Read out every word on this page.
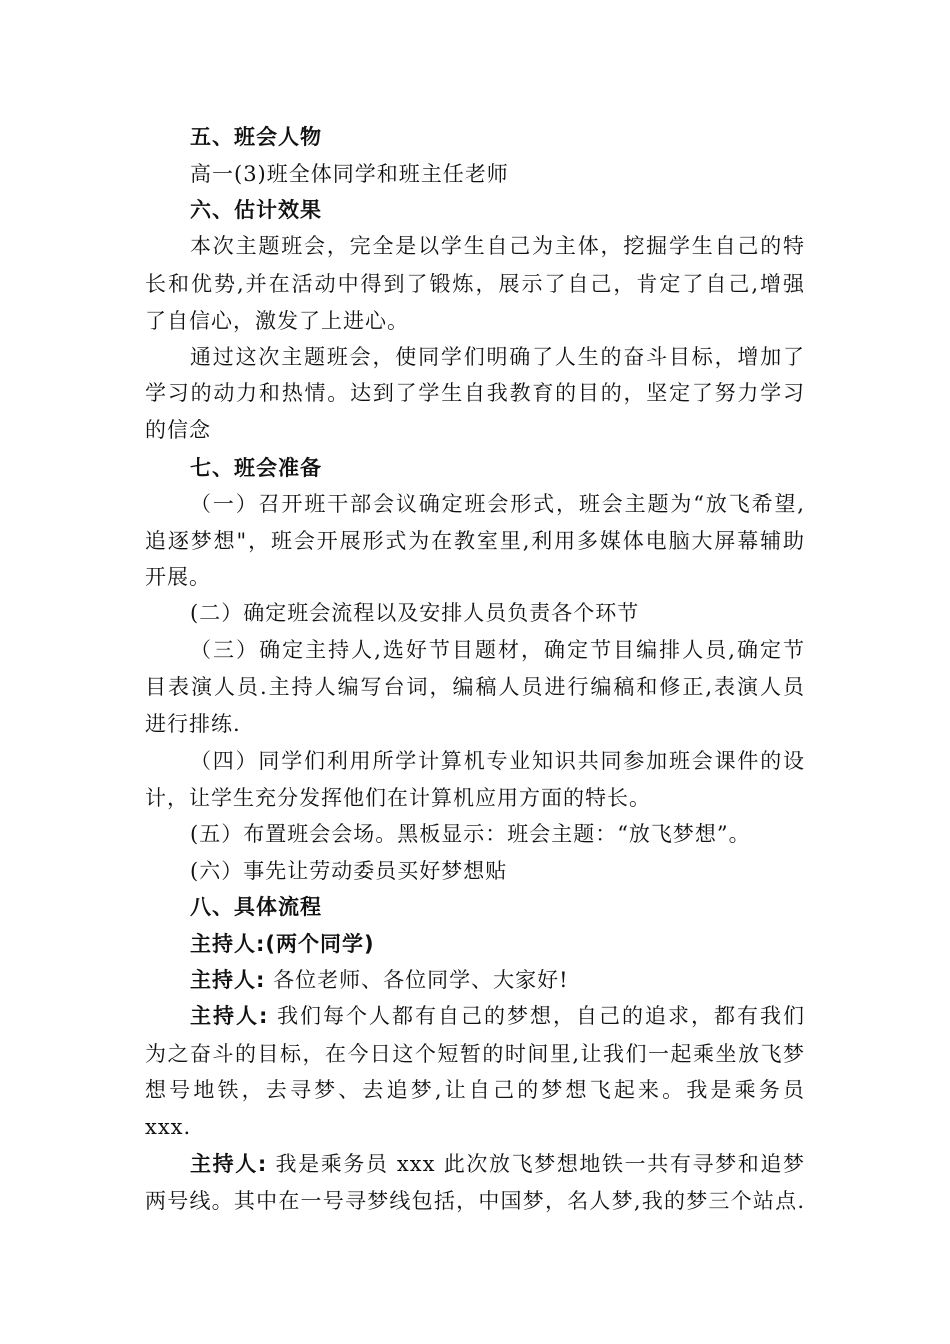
五、班会人物
高一(3)班全体同学和班主任老师
六、估计效果
本次主题班会，完全是以学生自己为主体，挖掘学生自己的特
长和优势,并在活动中得到了锻炼，展示了自己，肯定了自己,增强
了自信心，激发了上进心。
通过这次主题班会，使同学们明确了人生的奋斗目标，增加了
学习的动力和热情。达到了学生自我教育的目的，坚定了努力学习
的信念
七、班会准备
（一）召开班干部会议确定班会形式，班会主题为“放飞希望,
追逐梦想"，班会开展形式为在教室里,利用多媒体电脑大屏幕辅助
开展。
(二）确定班会流程以及安排人员负责各个环节
（三）确定主持人,选好节目题材，确定节目编排人员,确定节
目表演人员.主持人编写台词，编稿人员进行编稿和修正,表演人员
进行排练.
（四）同学们利用所学计算机专业知识共同参加班会课件的设
计，让学生充分发挥他们在计算机应用方面的特长。
(五）布置班会会场。黑板显示：班会主题：“放飞梦想”。
(六）事先让劳动委员买好梦想贴
八、具体流程
主持人:(两个同学)
主持人: 各位老师、各位同学、大家好!
主持人: 我们每个人都有自己的梦想，自己的追求，都有我们
为之奋斗的目标，在今日这个短暂的时间里,让我们一起乘坐放飞梦
想号地铁，去寻梦、去追梦,让自己的梦想飞起来。我是乘务员
xxx.
主持人: 我是乘务员 xxx 此次放飞梦想地铁一共有寻梦和追梦
两号线。其中在一号寻梦线包括，中国梦，名人梦,我的梦三个站点.
